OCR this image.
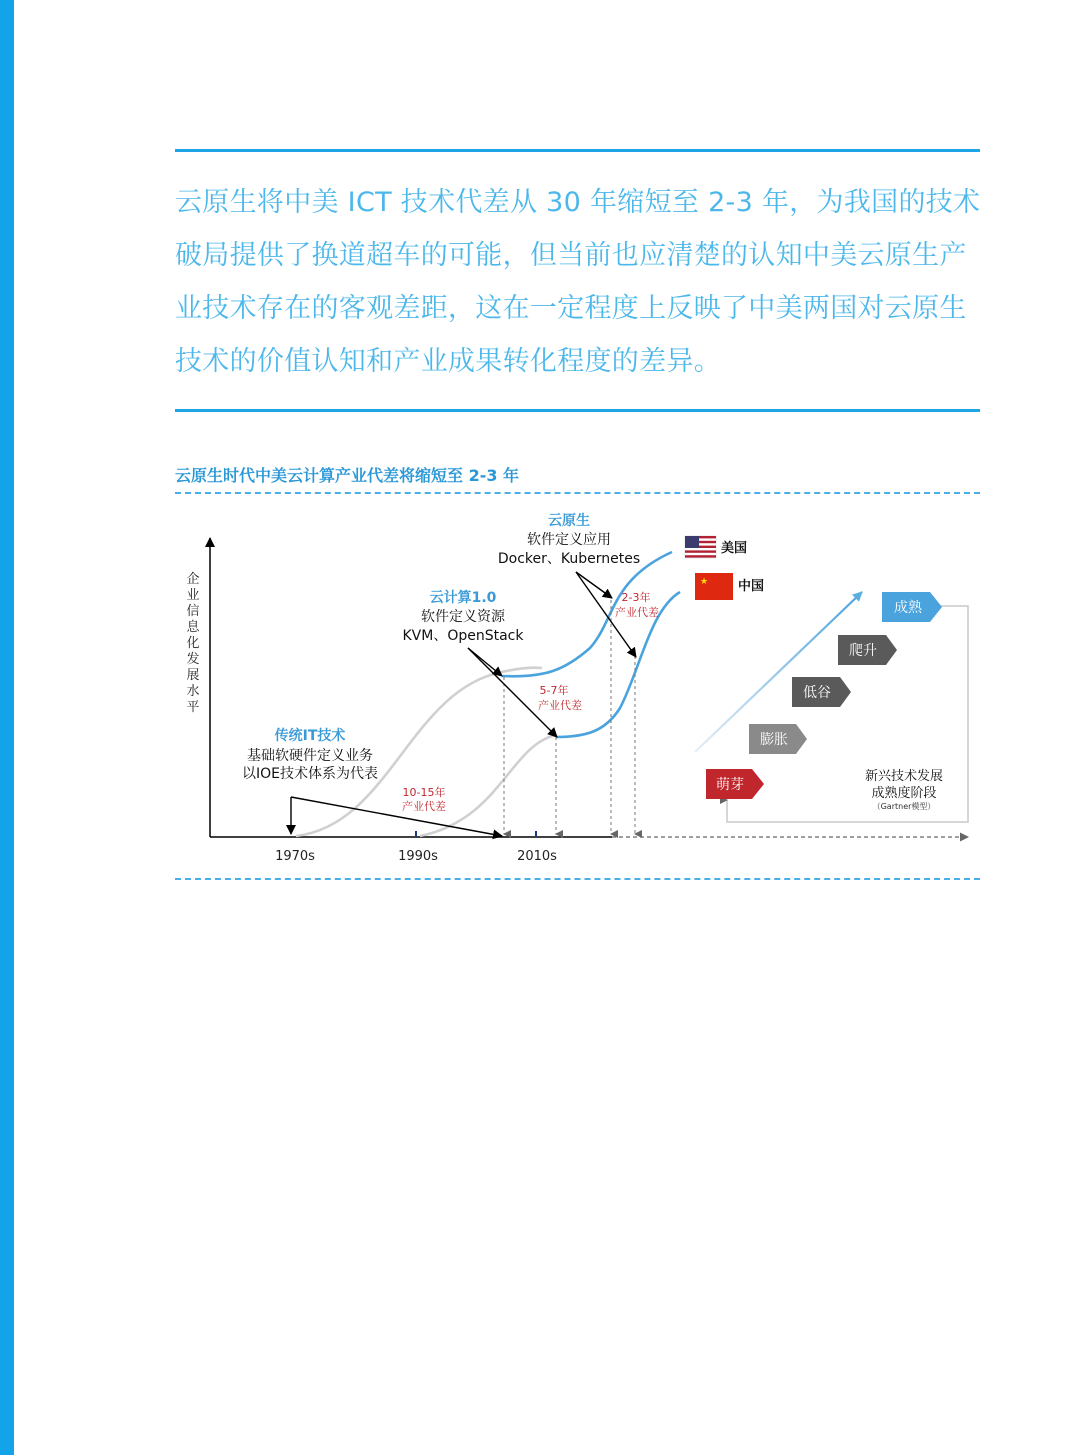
云原生将中美 ICT 技术代差从 30 年缩短至 2-3 年，为我国的技术破局提供了换道超车的可能，但当前也应清楚的认知中美云原生产业技术存在的客观差距，这在一定程度上反映了中美两国对云原生技术的价值认知和产业成果转化程度的差异。

云原生时代中美云计算产业代差将缩短至 2-3 年
企业信息化发展水平
1970s	1990s	2010s
传统IT技术
基础软硬件定义业务
以IOE技术体系为代表
云计算1.0
软件定义资源
KVM、OpenStack
云原生
软件定义应用
Docker、Kubernetes
10-15年
产业代差
5-7年
产业代差
2-3年
产业代差
美国
★ 中国
萌芽
膨胀
低谷
爬升
成熟
新兴技术发展
成熟度阶段
（Gartner模型）
